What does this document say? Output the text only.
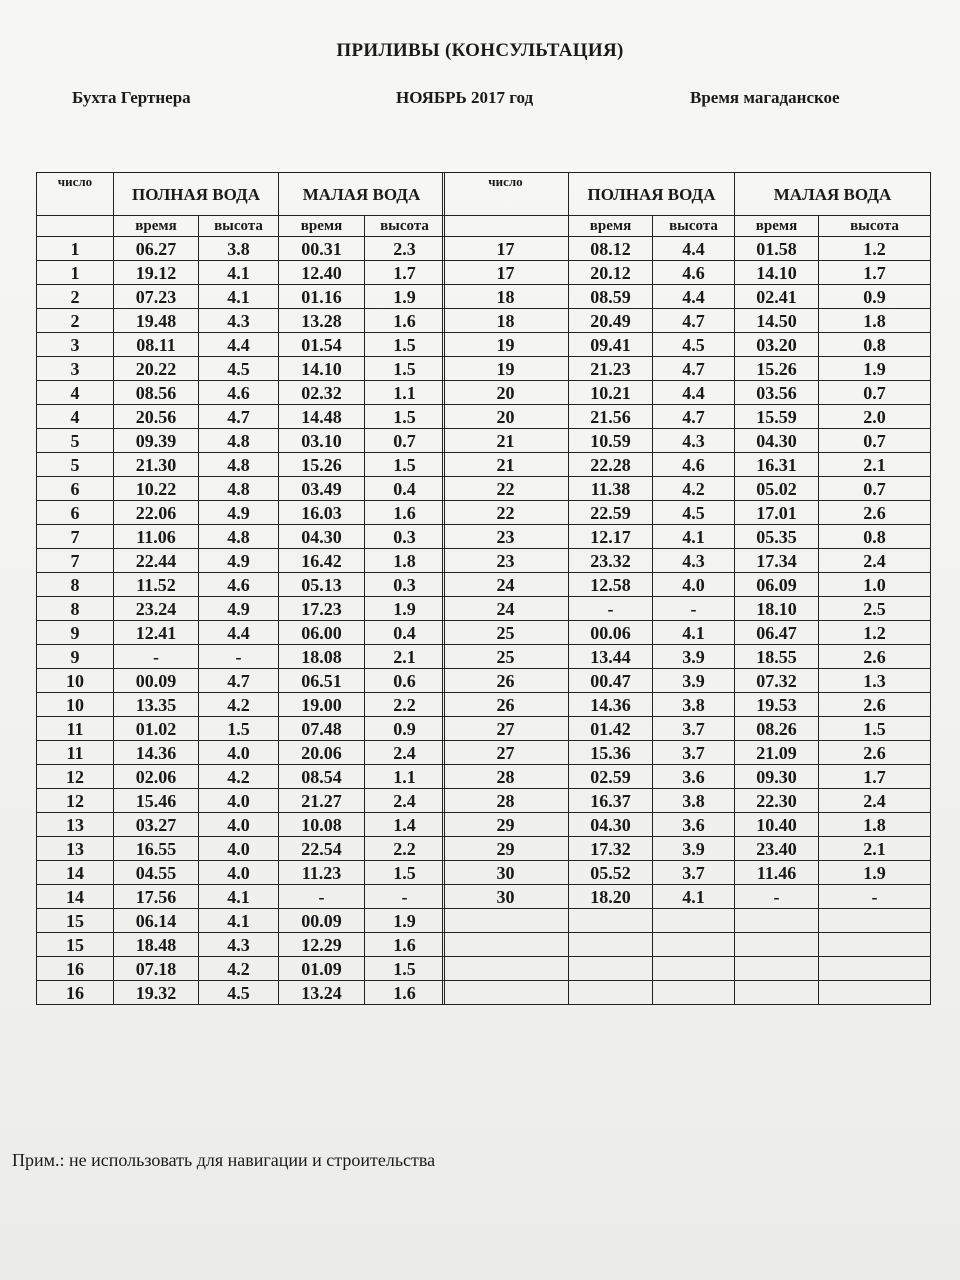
ПРИЛИВЫ (КОНСУЛЬТАЦИЯ)
Бухта Гертнера	НОЯБРЬ 2017 год	Время магаданское
число	ПОЛНАЯ ВОДА		МАЛАЯ ВОДА	
	время	высота	время	высота
1	06.27	3.8	00.31	2.3
1	19.12	4.1	12.40	1.7
2	07.23	4.1	01.16	1.9
2	19.48	4.3	13.28	1.6
3	08.11	4.4	01.54	1.5
3	20.22	4.5	14.10	1.5
4	08.56	4.6	02.32	1.1
4	20.56	4.7	14.48	1.5
5	09.39	4.8	03.10	0.7
5	21.30	4.8	15.26	1.5
6	10.22	4.8	03.49	0.4
6	22.06	4.9	16.03	1.6
7	11.06	4.8	04.30	0.3
7	22.44	4.9	16.42	1.8
8	11.52	4.6	05.13	0.3
8	23.24	4.9	17.23	1.9
9	12.41	4.4	06.00	0.4
9	-	-	18.08	2.1
10	00.09	4.7	06.51	0.6
10	13.35	4.2	19.00	2.2
11	01.02	1.5	07.48	0.9
11	14.36	4.0	20.06	2.4
12	02.06	4.2	08.54	1.1
12	15.46	4.0	21.27	2.4
13	03.27	4.0	10.08	1.4
13	16.55	4.0	22.54	2.2
14	04.55	4.0	11.23	1.5
14	17.56	4.1	-	-
15	06.14	4.1	00.09	1.9
15	18.48	4.3	12.29	1.6
16	07.18	4.2	01.09	1.5
16	19.32	4.5	13.24	1.6
число	ПОЛНАЯ ВОДА		МАЛАЯ ВОДА	
	время	высота	время	высота
17	08.12	4.4	01.58	1.2
17	20.12	4.6	14.10	1.7
18	08.59	4.4	02.41	0.9
18	20.49	4.7	14.50	1.8
19	09.41	4.5	03.20	0.8
19	21.23	4.7	15.26	1.9
20	10.21	4.4	03.56	0.7
20	21.56	4.7	15.59	2.0
21	10.59	4.3	04.30	0.7
21	22.28	4.6	16.31	2.1
22	11.38	4.2	05.02	0.7
22	22.59	4.5	17.01	2.6
23	12.17	4.1	05.35	0.8
23	23.32	4.3	17.34	2.4
24	12.58	4.0	06.09	1.0
24	-	-	18.10	2.5
25	00.06	4.1	06.47	1.2
25	13.44	3.9	18.55	2.6
26	00.47	3.9	07.32	1.3
26	14.36	3.8	19.53	2.6
27	01.42	3.7	08.26	1.5
27	15.36	3.7	21.09	2.6
28	02.59	3.6	09.30	1.7
28	16.37	3.8	22.30	2.4
29	04.30	3.6	10.40	1.8
29	17.32	3.9	23.40	2.1
30	05.52	3.7	11.46	1.9
30	18.20	4.1	-	-

Прим.: не использовать для навигации и строительства
